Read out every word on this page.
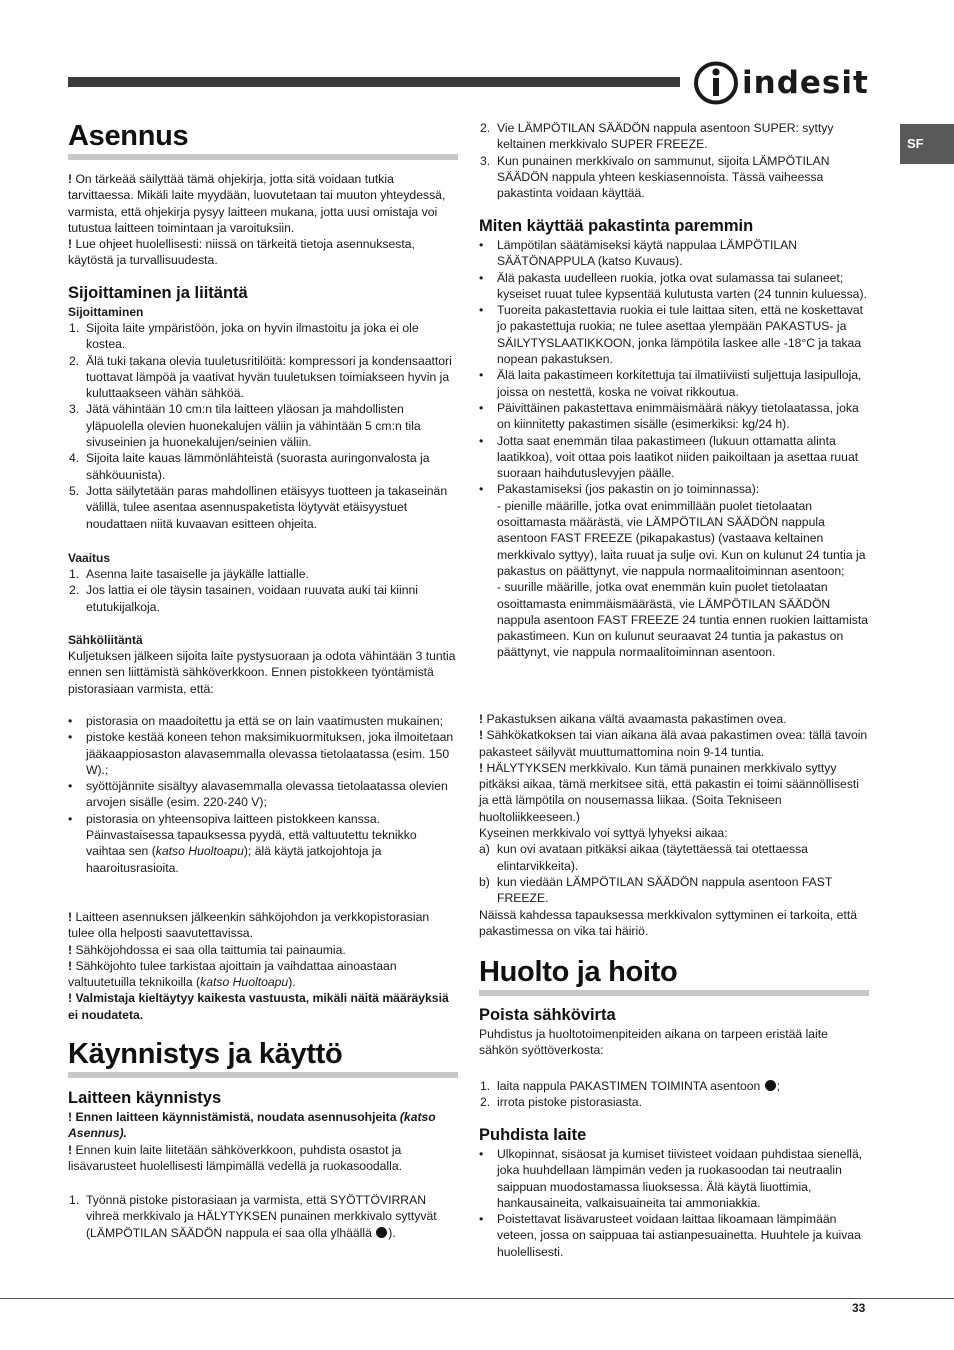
indesit
SF
Asennus

! On tärkeää säilyttää tämä ohjekirja, jotta sitä voidaan tutkia tarvittaessa. Mikäli laite myydään, luovutetaan tai muuton yhteydessä, varmista, että ohjekirja pysyy laitteen mukana, jotta uusi omistaja voi tutustua laitteen toimintaan ja varoituksiin.

! Lue ohjeet huolellisesti: niissä on tärkeitä tietoja asennuksesta, käytöstä ja turvallisuudesta.

Sijoittaminen ja liitäntä
Sijoittaminen
1. Sijoita laite ympäristöön, joka on hyvin ilmastoitu ja joka ei ole kostea.
2. Älä tuki takana olevia tuuletusritilöitä: kompressori ja kondensaattori tuottavat lämpöä ja vaativat hyvän tuuletuksen toimiakseen hyvin ja kuluttaakseen vähän sähköä.
3. Jätä vähintään 10 cm:n tila laitteen yläosan ja mahdollisten yläpuolella olevien huonekalujen väliin ja vähintään 5 cm:n tila sivuseinien ja huonekalujen/seinien väliin.
4. Sijoita laite kauas lämmönlähteistä (suorasta auringonvalosta ja sähköuunista).
5. Jotta säilytetään paras mahdollinen etäisyys tuotteen ja takaseinän välillä, tulee asentaa asennuspaketista löytyvät etäisyystuet noudattaen niitä kuvaavan esitteen ohjeita.
Vaaitus
1. Asenna laite tasaiselle ja jäykälle lattialle.
2. Jos lattia ei ole täysin tasainen, voidaan ruuvata auki tai kiinni etutukijalkoja.
Sähköliitäntä

Kuljetuksen jälkeen sijoita laite pystysuoraan ja odota vähintään 3 tuntia ennen sen liittämistä sähköverkkoon. Ennen pistokkeen työntämistä pistorasiaan varmista, että:

• pistorasia on maadoitettu ja että se on lain vaatimusten mukainen;
• pistoke kestää koneen tehon maksimikuormituksen, joka ilmoitetaan jääkaappiosaston alavasemmalla olevassa tietolaatassa (esim. 150 W).;
• syöttöjännite sisältyy alavasemmalla olevassa tietolaatassa olevien arvojen sisälle (esim. 220-240 V);
• pistorasia on yhteensopiva laitteen pistokkeen kanssa. Päinvastaisessa tapauksessa pyydä, että valtuutettu teknikko vaihtaa sen (katso Huoltoapu); älä käytä jatkojohtoja ja haaroitusrasioita.

! Laitteen asennuksen jälkeenkin sähköjohdon ja verkkopistorasian tulee olla helposti saavutettavissa.

! Sähköjohdossa ei saa olla taittumia tai painaumia.

! Sähköjohto tulee tarkistaa ajoittain ja vaihdattaa ainoastaan valtuutetuilla teknikoilla (katso Huoltoapu).

! Valmistaja kieltäytyy kaikesta vastuusta, mikäli näitä määräyksiä ei noudateta.

Käynnistys ja käyttö
Laitteen käynnistys

! Ennen laitteen käynnistämistä, noudata asennusohjeita (katso Asennus).

! Ennen kuin laite liitetään sähköverkkoon, puhdista osastot ja lisävarusteet huolellisesti lämpimällä vedellä ja ruokasoodalla.

1. Työnnä pistoke pistorasiaan ja varmista, että SYÖTTÖVIRRAN vihreä merkkivalo ja HÄLYTYKSEN punainen merkkivalo syttyvät (LÄMPÖTILAN SÄÄDÖN nappula ei saa olla ylhäällä ).
2. Vie LÄMPÖTILAN SÄÄDÖN nappula asentoon SUPER: syttyy keltainen merkkivalo SUPER FREEZE.
3. Kun punainen merkkivalo on sammunut, sijoita LÄMPÖTILAN SÄÄDÖN nappula yhteen keskiasennoista. Tässä vaiheessa pakastinta voidaan käyttää.
Miten käyttää pakastinta paremmin
• Lämpötilan säätämiseksi käytä nappulaa LÄMPÖTILAN SÄÄTÖNAPPULA (katso Kuvaus).
• Älä pakasta uudelleen ruokia, jotka ovat sulamassa tai sulaneet; kyseiset ruuat tulee kypsentää kulutusta varten (24 tunnin kuluessa).
• Tuoreita pakastettavia ruokia ei tule laittaa siten, että ne koskettavat jo pakastettuja ruokia; ne tulee asettaa ylempään PAKASTUS- ja SÄILYTYSLAATIKKOON, jonka lämpötila laskee alle -18°C ja takaa nopean pakastuksen.
• Älä laita pakastimeen korkitettuja tai ilmatiiviisti suljettuja lasipulloja, joissa on nestettä, koska ne voivat rikkoutua.
• Päivittäinen pakastettava enimmäismäärä näkyy tietolaatassa, joka on kiinnitetty pakastimen sisälle (esimerkiksi: kg/24 h).
• Jotta saat enemmän tilaa pakastimeen (lukuun ottamatta alinta laatikkoa), voit ottaa pois laatikot niiden paikoiltaan ja asettaa ruuat suoraan haihdutuslevyjen päälle.
• Pakastamiseksi (jos pakastin on jo toiminnassa):
- pienille määrille, jotka ovat enimmillään puolet tietolaatan osoittamasta määrästä, vie LÄMPÖTILAN SÄÄDÖN nappula asentoon FAST FREEZE (pikapakastus) (vastaava keltainen merkkivalo syttyy), laita ruuat ja sulje ovi. Kun on kulunut 24 tuntia ja pakastus on päättynyt, vie nappula normaalitoiminnan asentoon;
- suurille määrille, jotka ovat enemmän kuin puolet tietolaatan osoittamasta enimmäismäärästä, vie LÄMPÖTILAN SÄÄDÖN nappula asentoon FAST FREEZE 24 tuntia ennen ruokien laittamista pakastimeen. Kun on kulunut seuraavat 24 tuntia ja pakastus on päättynyt, vie nappula normaalitoiminnan asentoon.

! Pakastuksen aikana vältä avaamasta pakastimen ovea.

! Sähkökatkoksen tai vian aikana älä avaa pakastimen ovea: tällä tavoin pakasteet säilyvät muuttumattomina noin 9-14 tuntia.

! HÄLYTYKSEN merkkivalo. Kun tämä punainen merkkivalo syttyy pitkäksi aikaa, tämä merkitsee sitä, että pakastin ei toimi säännöllisesti ja että lämpötila on nousemassa liikaa. (Soita Tekniseen huoltoliikkeeseen.)

Kyseinen merkkivalo voi syttyä lyhyeksi aikaa:

a) kun ovi avataan pitkäksi aikaa (täytettäessä tai otettaessa elintarvikkeita).
b) kun viedään LÄMPÖTILAN SÄÄDÖN nappula asentoon FAST FREEZE.

Näissä kahdessa tapauksessa merkkivalon syttyminen ei tarkoita, että pakastimessa on vika tai häiriö.

Huolto ja hoito
Poista sähkövirta

Puhdistus ja huoltotoimenpiteiden aikana on tarpeen eristää laite sähkön syöttöverkosta:

1. laita nappula PAKASTIMEN TOIMINTA asentoon ;
2. irrota pistoke pistorasiasta.
Puhdista laite
• Ulkopinnat, sisäosat ja kumiset tiivisteet voidaan puhdistaa sienellä, joka huuhdellaan lämpimän veden ja ruokasoodan tai neutraalin saippuan muodostamassa liuoksessa. Älä käytä liuottimia, hankausaineita, valkaisuaineita tai ammoniakkia.
• Poistettavat lisävarusteet voidaan laittaa likoamaan lämpimään veteen, jossa on saippuaa tai astianpesuainetta. Huuhtele ja kuivaa huolellisesti.
33
